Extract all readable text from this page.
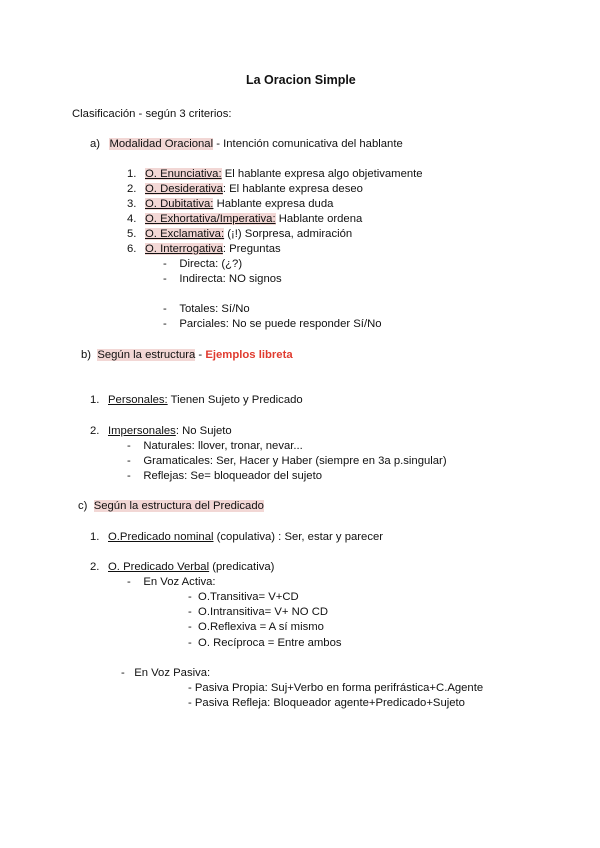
La Oracion Simple
Clasificación - según 3 criterios:
a) Modalidad Oracional - Intención comunicativa del hablante
1. O. Enunciativa: El hablante expresa algo objetivamente
2. O. Desiderativa: El hablante expresa deseo
3. O. Dubitativa: Hablante expresa duda
4. O. Exhortativa/Imperativa: Hablante ordena
5. O. Exclamativa: (¡!) Sorpresa, admiración
6. O. Interrogativa: Preguntas
-    Directa: (¿?)
-    Indirecta: NO signos
-    Totales: Sí/No
-    Parciales: No se puede responder Sí/No
b) Según la estructura - Ejemplos libreta
1. Personales: Tienen Sujeto y Predicado
2. Impersonales: No Sujeto
-    Naturales: llover, tronar, nevar...
-    Gramaticales: Ser, Hacer y Haber (siempre en 3a p.singular)
-    Reflejas: Se= bloqueador del sujeto
c) Según la estructura del Predicado
1. O.Predicado nominal (copulativa) : Ser, estar y parecer
2. O. Predicado Verbal (predicativa)
-    En Voz Activa:
-  O.Transitiva= V+CD
-  O.Intransitiva= V+ NO CD
-  O.Reflexiva = A sí mismo
-  O. Recíproca = Entre ambos
-   En Voz Pasiva:
- Pasiva Propia: Suj+Verbo en forma perifrástica+C.Agente
- Pasiva Refleja: Bloqueador agente+Predicado+Sujeto
